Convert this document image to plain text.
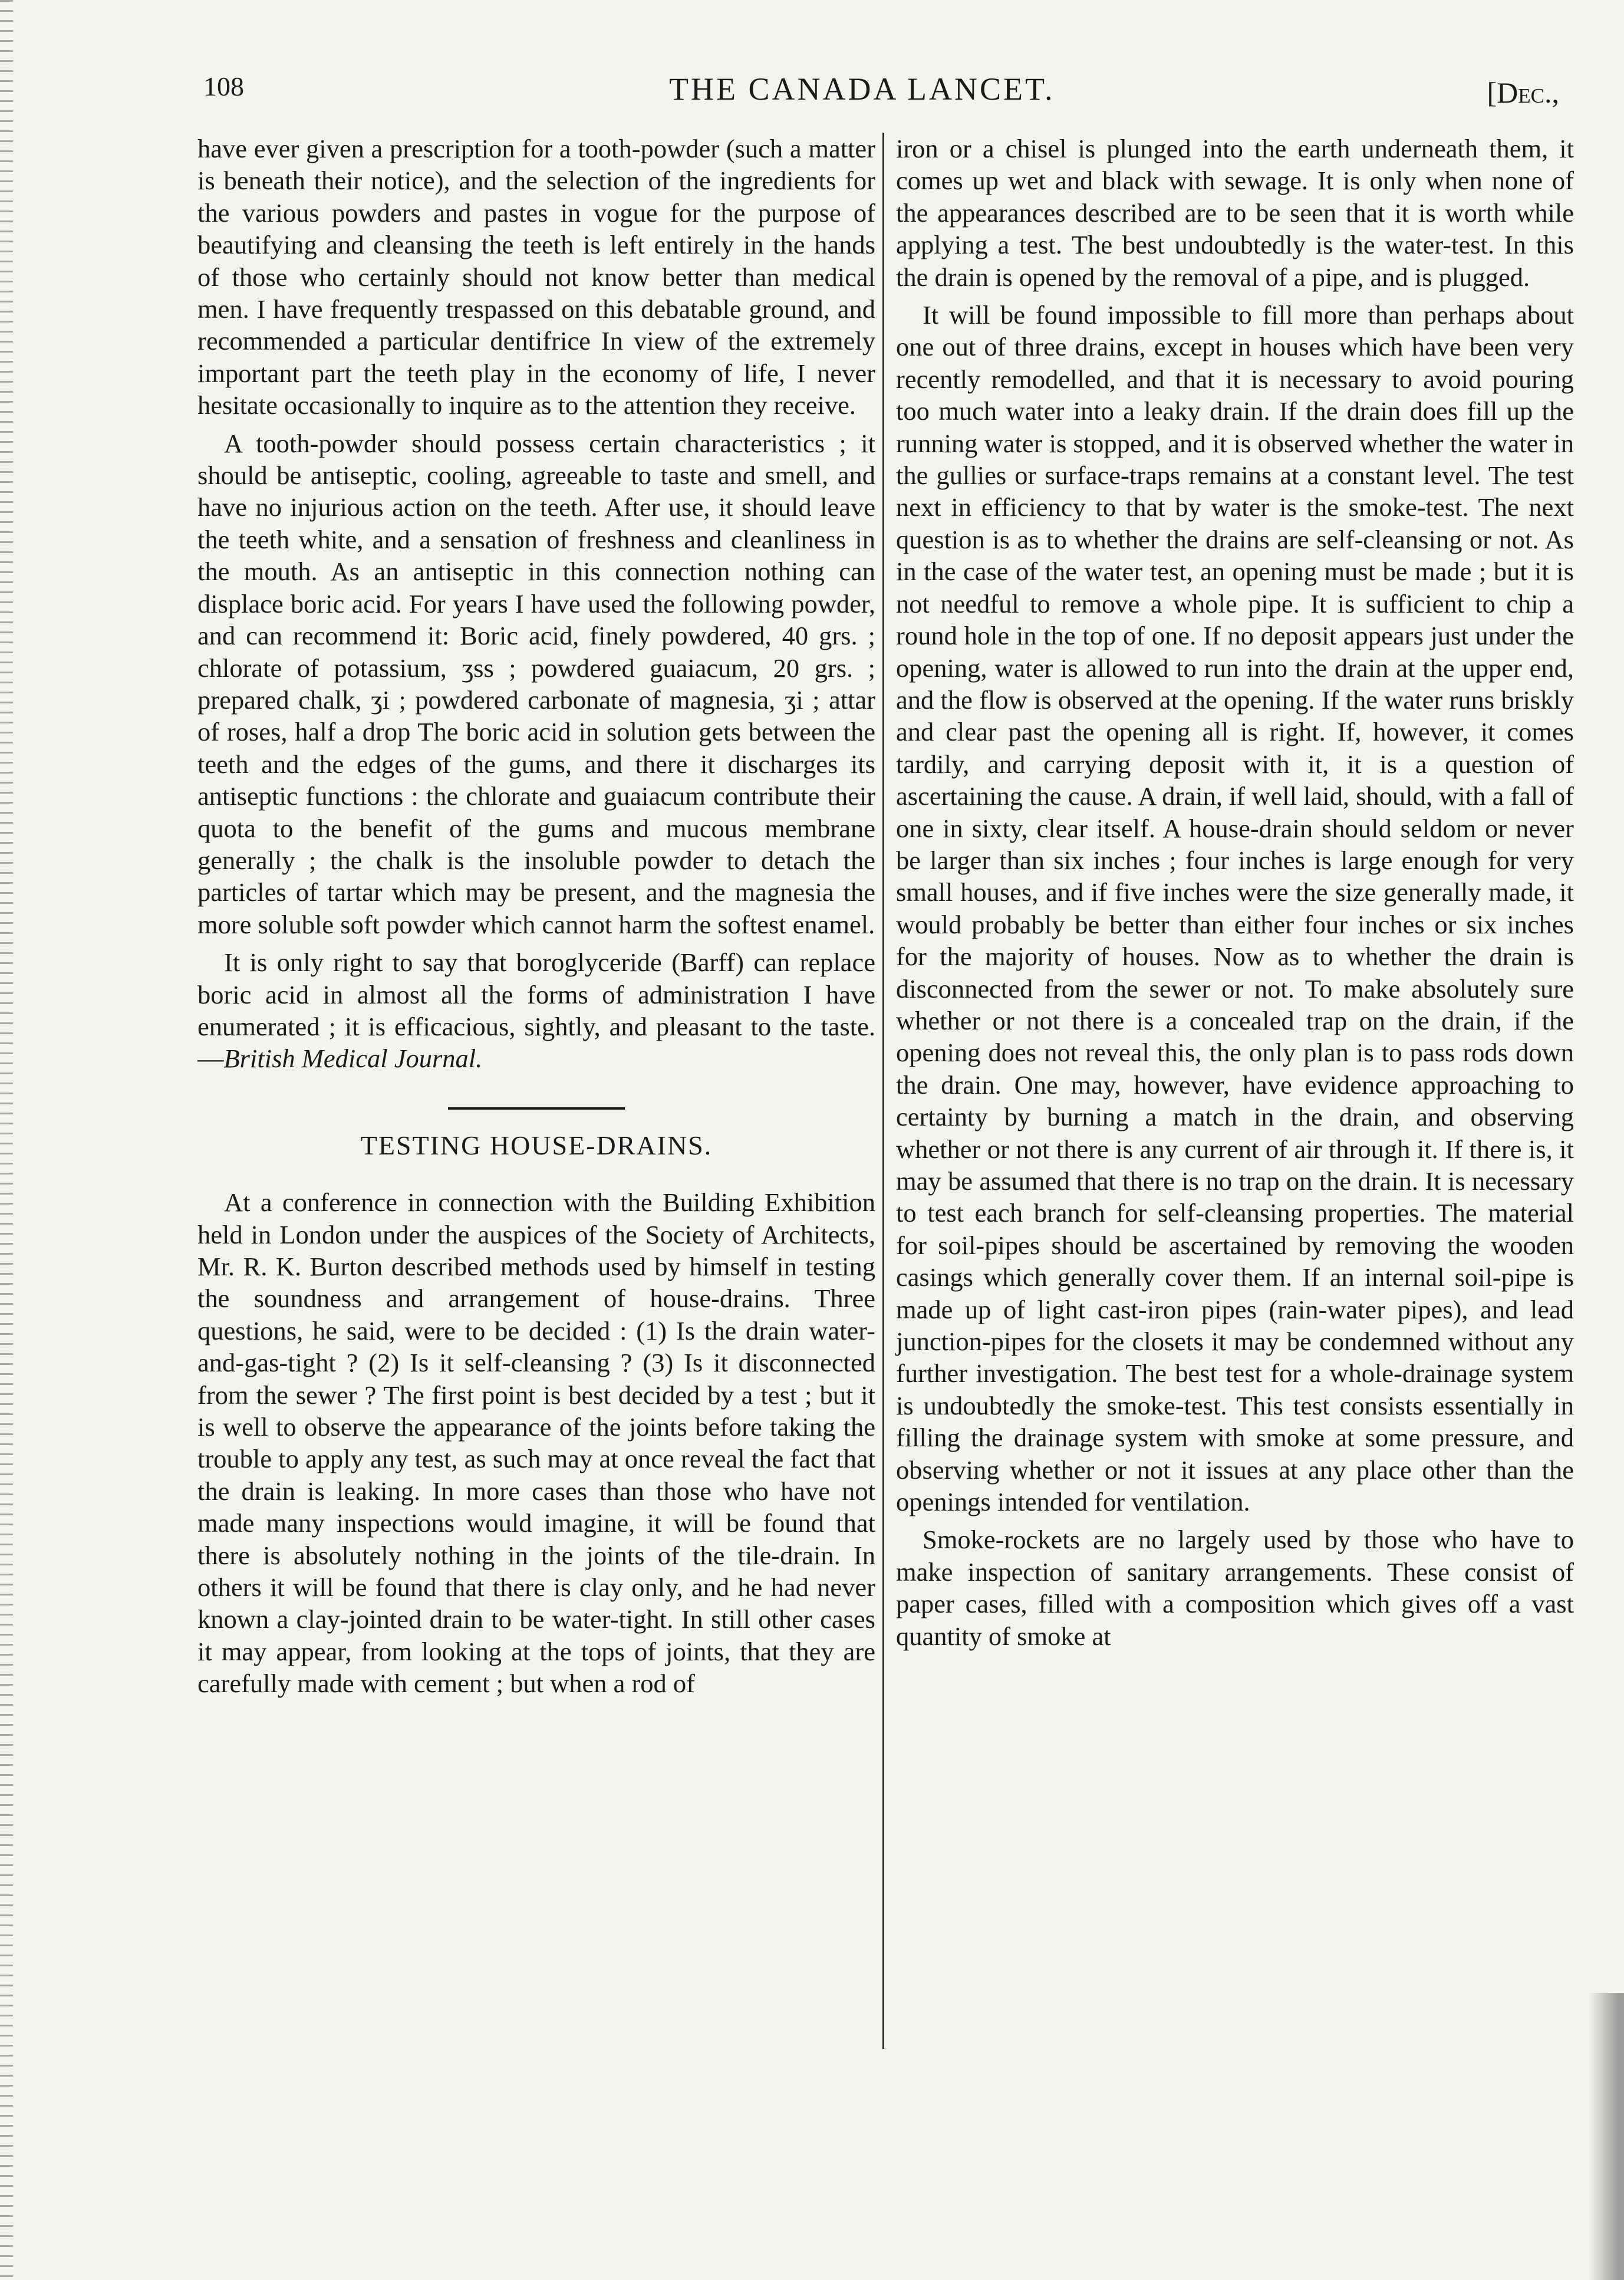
108	THE CANADA LANCET.	[Dec.,

have ever given a prescription for a tooth-powder (such a matter is beneath their notice), and the selection of the ingredients for the various powders and pastes in vogue for the purpose of beautifying and cleansing the teeth is left entirely in the hands of those who certainly should not know better than medical men. I have frequently trespassed on this debatable ground, and recommended a particular dentifrice In view of the extremely important part the teeth play in the economy of life, I never hesitate occasionally to inquire as to the attention they receive.

A tooth-powder should possess certain characteristics ; it should be antiseptic, cooling, agreeable to taste and smell, and have no injurious action on the teeth. After use, it should leave the teeth white, and a sensation of freshness and cleanliness in the mouth. As an antiseptic in this connection nothing can displace boric acid. For years I have used the following powder, and can recommend it: Boric acid, finely powdered, 40 grs. ; chlorate of potassium, ʒss ; powdered guaiacum, 20 grs. ; prepared chalk, ʒi ; powdered carbonate of magnesia, ʒi ; attar of roses, half a drop The boric acid in solution gets between the teeth and the edges of the gums, and there it discharges its antiseptic functions : the chlorate and guaiacum contribute their quota to the benefit of the gums and mucous membrane generally ; the chalk is the insoluble powder to detach the particles of tartar which may be present, and the magnesia the more soluble soft powder which cannot harm the softest enamel.

It is only right to say that boroglyceride (Barff) can replace boric acid in almost all the forms of administration I have enumerated ; it is efficacious, sightly, and pleasant to the taste.—British Medical Journal.

TESTING HOUSE-DRAINS.

At a conference in connection with the Building Exhibition held in London under the auspices of the Society of Architects, Mr. R. K. Burton described methods used by himself in testing the soundness and arrangement of house-drains. Three questions, he said, were to be decided : (1) Is the drain water-and-gas-tight ? (2) Is it self-cleansing ? (3) Is it disconnected from the sewer ? The first point is best decided by a test ; but it is well to observe the appearance of the joints before taking the trouble to apply any test, as such may at once reveal the fact that the drain is leaking. In more cases than those who have not made many inspections would imagine, it will be found that there is absolutely nothing in the joints of the tile-drain. In others it will be found that there is clay only, and he had never known a clay-jointed drain to be water-tight. In still other cases it may appear, from looking at the tops of joints, that they are carefully made with cement ; but when a rod of

iron or a chisel is plunged into the earth underneath them, it comes up wet and black with sewage. It is only when none of the appearances described are to be seen that it is worth while applying a test. The best undoubtedly is the water-test. In this the drain is opened by the removal of a pipe, and is plugged.

It will be found impossible to fill more than perhaps about one out of three drains, except in houses which have been very recently remodelled, and that it is necessary to avoid pouring too much water into a leaky drain. If the drain does fill up the running water is stopped, and it is observed whether the water in the gullies or surface-traps remains at a constant level. The test next in efficiency to that by water is the smoke-test. The next question is as to whether the drains are self-cleansing or not. As in the case of the water test, an opening must be made ; but it is not needful to remove a whole pipe. It is sufficient to chip a round hole in the top of one. If no deposit appears just under the opening, water is allowed to run into the drain at the upper end, and the flow is observed at the opening. If the water runs briskly and clear past the opening all is right. If, however, it comes tardily, and carrying deposit with it, it is a question of ascertaining the cause. A drain, if well laid, should, with a fall of one in sixty, clear itself. A house-drain should seldom or never be larger than six inches ; four inches is large enough for very small houses, and if five inches were the size generally made, it would probably be better than either four inches or six inches for the majority of houses. Now as to whether the drain is disconnected from the sewer or not. To make absolutely sure whether or not there is a concealed trap on the drain, if the opening does not reveal this, the only plan is to pass rods down the drain. One may, however, have evidence approaching to certainty by burning a match in the drain, and observing whether or not there is any current of air through it. If there is, it may be assumed that there is no trap on the drain. It is necessary to test each branch for self-cleansing properties. The material for soil-pipes should be ascertained by removing the wooden casings which generally cover them. If an internal soil-pipe is made up of light cast-iron pipes (rain-water pipes), and lead junction-pipes for the closets it may be condemned without any further investigation. The best test for a whole-drainage system is undoubtedly the smoke-test. This test consists essentially in filling the drainage system with smoke at some pressure, and observing whether or not it issues at any place other than the openings intended for ventilation.

Smoke-rockets are no largely used by those who have to make inspection of sanitary arrangements. These consist of paper cases, filled with a composition which gives off a vast quantity of smoke at
